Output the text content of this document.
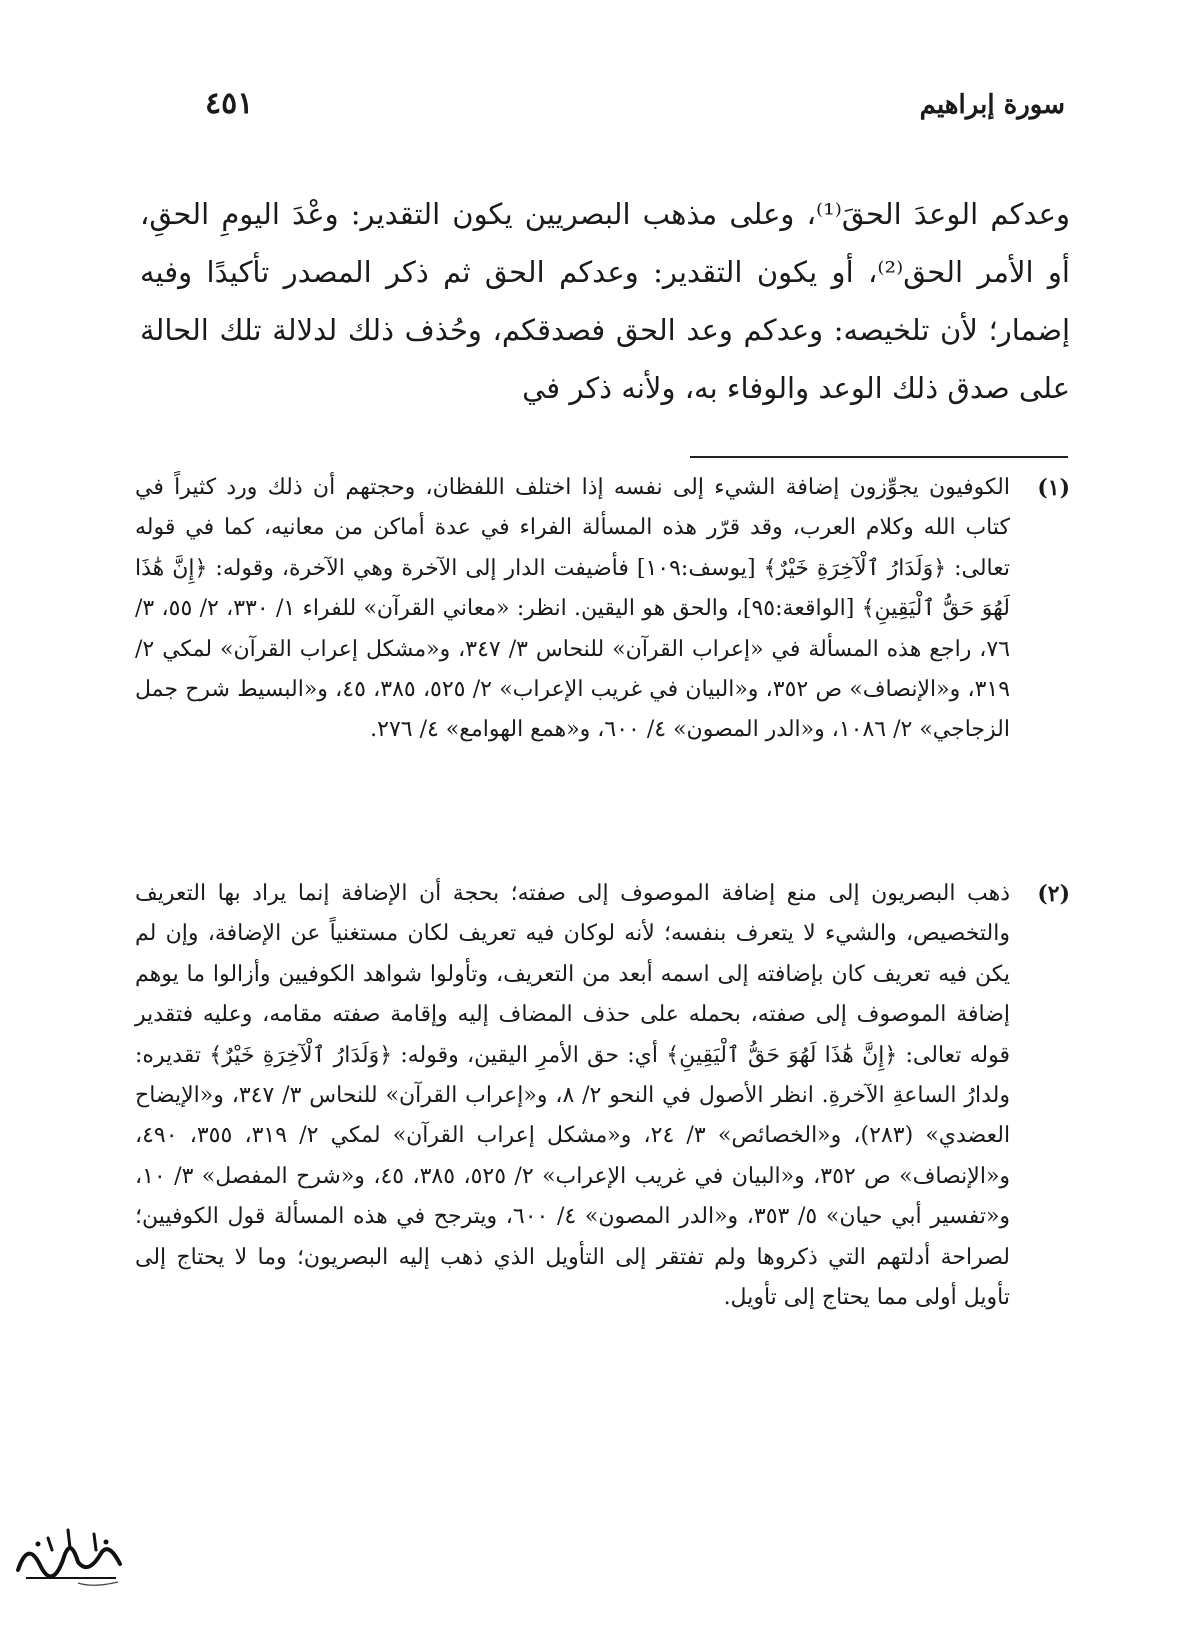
سورة إبراهيم
٤٥١

وعدكم الوعدَ الحقَ⁽¹⁾، وعلى مذهب البصريين يكون التقدير: وعْدَ اليومِ الحقِ، أو الأمر الحق⁽²⁾، أو يكون التقدير: وعدكم الحق ثم ذكر المصدر تأكيدًا وفيه إضمار؛ لأن تلخيصه: وعدكم وعد الحق فصدقكم، وحُذف ذلك لدلالة تلك الحالة على صدق ذلك الوعد والوفاء به، ولأنه ذكر في

(١)
الكوفيون يجوِّزون إضافة الشيء إلى نفسه إذا اختلف اللفظان، وحجتهم أن ذلك ورد كثيراً في كتاب الله وكلام العرب، وقد قرّر هذه المسألة الفراء في عدة أماكن من معانيه، كما في قوله تعالى: ﴿وَلَدَارُ ٱلْآخِرَةِ خَيْرٌ﴾ [يوسف:١٠٩] فأضيفت الدار إلى الآخرة وهي الآخرة، وقوله: ﴿إِنَّ هَٰذَا لَهُوَ حَقُّ ٱلْيَقِينِ﴾ [الواقعة:٩٥]، والحق هو اليقين. انظر: «معاني القرآن» للفراء ١/ ٣٣٠، ٢/ ٥٥، ٣/ ٧٦، راجع هذه المسألة في «إعراب القرآن» للنحاس ٣/ ٣٤٧، و«مشكل إعراب القرآن» لمكي ٢/ ٣١٩، و«الإنصاف» ص ٣٥٢، و«البيان في غريب الإعراب» ٢/ ٥٢٥، ٣٨٥، ٤٥، و«البسيط شرح جمل الزجاجي» ٢/ ١٠٨٦، و«الدر المصون» ٤/ ٦٠٠، و«همع الهوامع» ٤/ ٢٧٦.
(٢)
ذهب البصريون إلى منع إضافة الموصوف إلى صفته؛ بحجة أن الإضافة إنما يراد بها التعريف والتخصيص، والشيء لا يتعرف بنفسه؛ لأنه لوكان فيه تعريف لكان مستغنياً عن الإضافة، وإن لم يكن فيه تعريف كان بإضافته إلى اسمه أبعد من التعريف، وتأولوا شواهد الكوفيين وأزالوا ما يوهم إضافة الموصوف إلى صفته، بحمله على حذف المضاف إليه وإقامة صفته مقامه، وعليه فتقدير قوله تعالى: ﴿إِنَّ هَٰذَا لَهُوَ حَقُّ ٱلْيَقِينِ﴾ أي: حق الأمرِ اليقين، وقوله: ﴿وَلَدَارُ ٱلْآخِرَةِ خَيْرٌ﴾ تقديره: ولدارُ الساعةِ الآخرةِ. انظر الأصول في النحو ٢/ ٨، و«إعراب القرآن» للنحاس ٣/ ٣٤٧، و«الإيضاح العضدي» (٢٨٣)، و«الخصائص» ٣/ ٢٤، و«مشكل إعراب القرآن» لمكي ٢/ ٣١٩، ٣٥٥، ٤٩٠، و«الإنصاف» ص ٣٥٢، و«البيان في غريب الإعراب» ٢/ ٥٢٥، ٣٨٥، ٤٥، و«شرح المفصل» ٣/ ١٠، و«تفسير أبي حيان» ٥/ ٣٥٣، و«الدر المصون» ٤/ ٦٠٠، ويترجح في هذه المسألة قول الكوفيين؛ لصراحة أدلتهم التي ذكروها ولم تفتقر إلى التأويل الذي ذهب إليه البصريون؛ وما لا يحتاج إلى تأويل أولى مما يحتاج إلى تأويل.
